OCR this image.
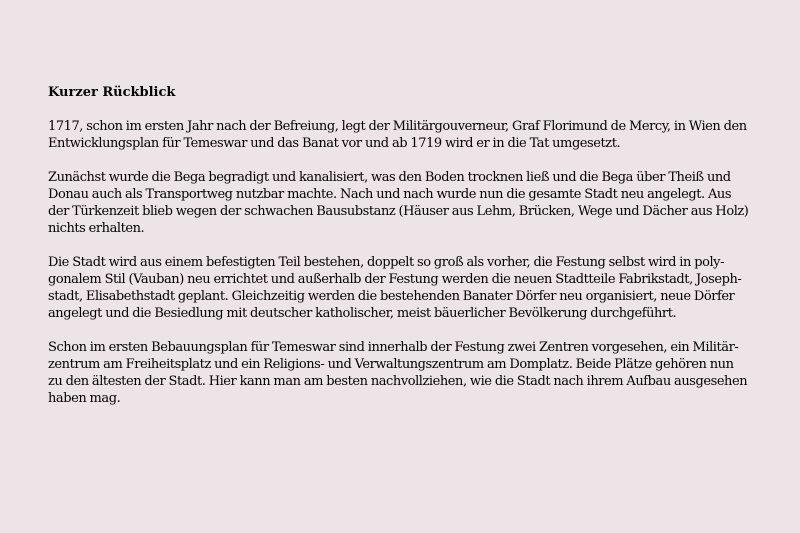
Kurzer Rückblick
1717, schon im ersten Jahr nach der Befreiung, legt der Militärgouverneur, Graf Florimund de Mercy, in Wien den
Entwicklungsplan für Temeswar und das Banat vor und ab 1719 wird er in die Tat umgesetzt.
Zunächst wurde die Bega begradigt und kanalisiert, was den Boden trocknen ließ und die Bega über Theiß und
Donau auch als Transportweg nutzbar machte. Nach und nach wurde nun die gesamte Stadt neu angelegt. Aus
der Türkenzeit blieb wegen der schwachen Bausubstanz (Häuser aus Lehm, Brücken, Wege und Dächer aus Holz)
nichts erhalten.
Die Stadt wird aus einem befestigten Teil bestehen, doppelt so groß als vorher, die Festung selbst wird in poly-
gonalem Stil (Vauban) neu errichtet und außerhalb der Festung werden die neuen Stadtteile Fabrikstadt, Joseph-
stadt, Elisabethstadt geplant. Gleichzeitig werden die bestehenden Banater Dörfer neu organisiert, neue Dörfer
angelegt und die Besiedlung mit deutscher katholischer, meist bäuerlicher Bevölkerung durchgeführt.
Schon im ersten Bebauungsplan für Temeswar sind innerhalb der Festung zwei Zentren vorgesehen, ein Militär-
zentrum am Freiheitsplatz und ein Religions- und Verwaltungszentrum am Domplatz. Beide Plätze gehören nun
zu den ältesten der Stadt. Hier kann man am besten nachvollziehen, wie die Stadt nach ihrem Aufbau ausgesehen
haben mag.
